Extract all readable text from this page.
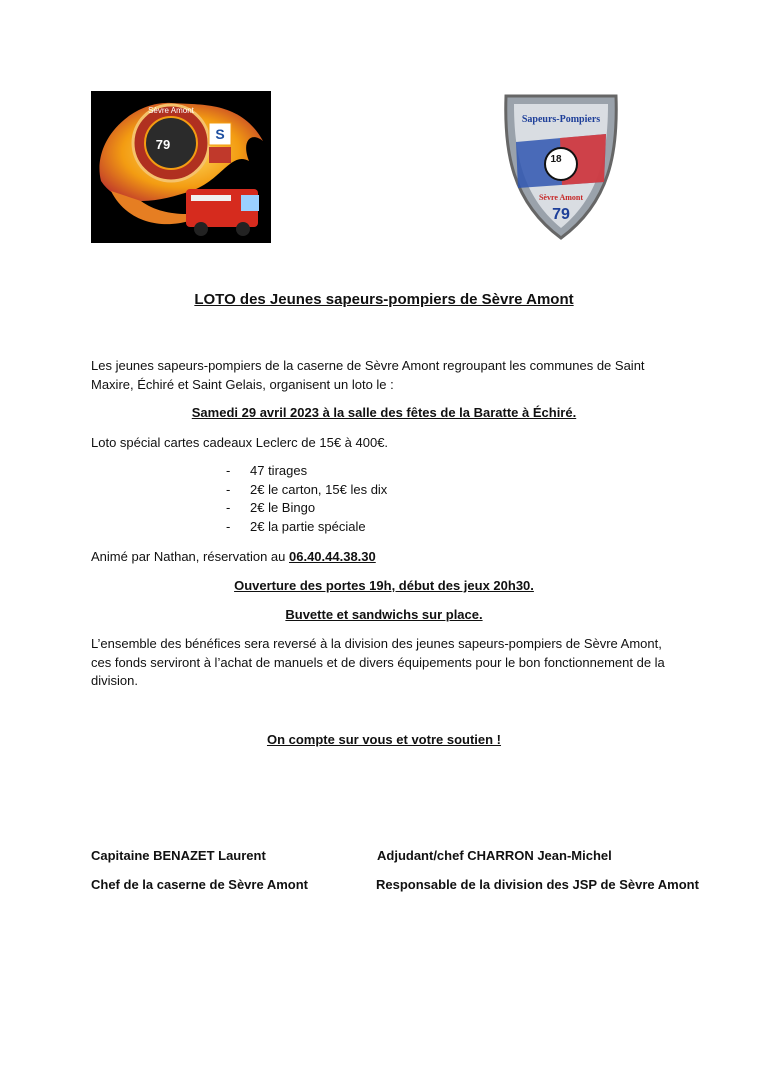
Sèvre Amont
79
S
Sapeurs-Pompiers
18
Sèvre Amont
79
LOTO des Jeunes sapeurs-pompiers de Sèvre Amont
Les jeunes sapeurs-pompiers de la caserne de Sèvre Amont regroupant les communes de Saint Maxire, Échiré et Saint Gelais, organisent un loto le :
Samedi 29 avril 2023 à la salle des fêtes de la Baratte à Échiré.
Loto spécial cartes cadeaux Leclerc de 15€ à 400€.
- 47 tirages
- 2€ le carton, 15€ les dix
- 2€ le Bingo
- 2€ la partie spéciale
Animé par Nathan, réservation au 06.40.44.38.30
Ouverture des portes 19h, début des jeux 20h30.
Buvette et sandwichs sur place.
L’ensemble des bénéfices sera reversé à la division des jeunes sapeurs-pompiers de Sèvre Amont, ces fonds serviront à l’achat de manuels et de divers équipements pour le bon fonctionnement de la division.
On compte sur vous et votre soutien !
Capitaine BENAZET Laurent
Chef de la caserne de Sèvre Amont
Adjudant/chef CHARRON Jean-Michel
Responsable de la division des JSP de Sèvre Amont
